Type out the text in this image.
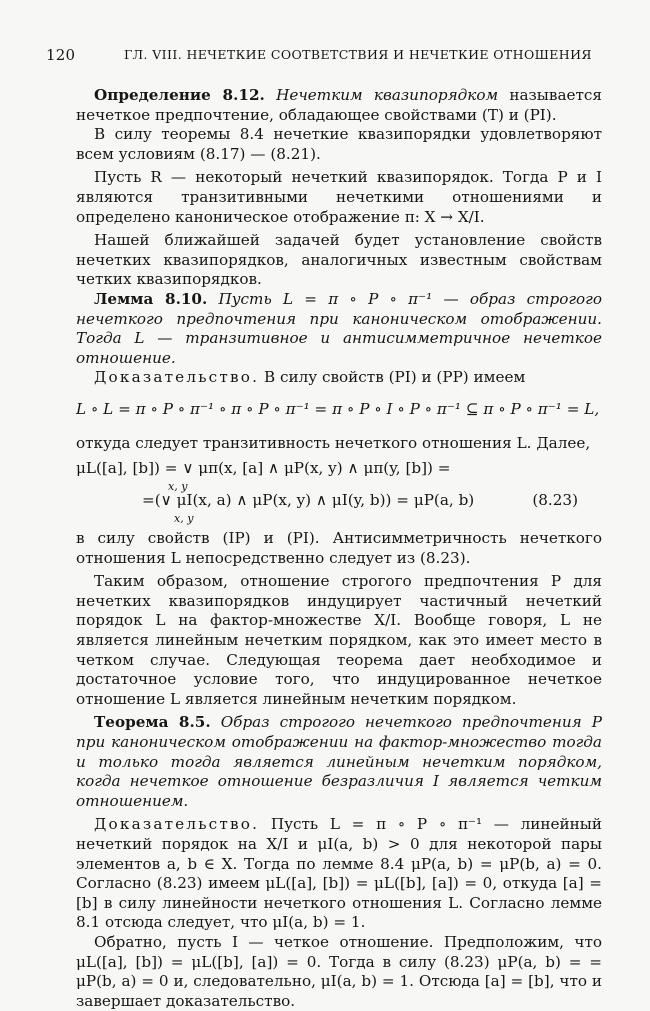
120	ГЛ. VIII. НЕЧЕТКИЕ СООТВЕТСТВИЯ И НЕЧЕТКИЕ ОТНОШЕНИЯ

Определение 8.12. Нечетким квазипорядком называется нечеткое предпочтение, обладающее свойствами (T) и (PI).

В силу теоремы 8.4 нечеткие квазипорядки удовлетворяют всем условиям (8.17) — (8.21).

Пусть R — некоторый нечеткий квазипорядок. Тогда P и I являются транзитивными нечеткими отношениями и определено каноническое отображение π: X → X/I.

Нашей ближайшей задачей будет установление свойств нечетких квазипорядков, аналогичных известным свойствам четких квазипорядков.

Лемма 8.10. Пусть L = π ∘ P ∘ π⁻¹ — образ строгого нечеткого предпочтения при каноническом отображении. Тогда L — транзитивное и антисимметричное нечеткое отношение.

Доказательство. В силу свойств (PI) и (PP) имеем

L ∘ L = π ∘ P ∘ π⁻¹ ∘ π ∘ P ∘ π⁻¹ = π ∘ P ∘ I ∘ P ∘ π⁻¹ ⊆ π ∘ P ∘ π⁻¹ = L,

откуда следует транзитивность нечеткого отношения L. Далее,

μL([a], [b]) = ∨ μπ(x, [a] ∧ μP(x, y) ∧ μπ(y, [b]) =
x, y
=(∨ μI(x, a) ∧ μP(x, y) ∧ μI(y, b)) = μP(a, b)
x, y
(8.23)

в силу свойств (IP) и (PI). Антисимметричность нечеткого отношения L непосредственно следует из (8.23).

Таким образом, отношение строгого предпочтения P для нечетких квазипорядков индуцирует частичный нечеткий порядок L на фактор-множестве X/I. Вообще говоря, L не является линейным нечетким порядком, как это имеет место в четком случае. Следующая теорема дает необходимое и достаточное условие того, что индуцированное нечеткое отношение L является линейным нечетким порядком.

Теорема 8.5. Образ строгого нечеткого предпочтения P при каноническом отображении на фактор-множество тогда и только тогда является линейным нечетким порядком, когда нечеткое отношение безразличия I является четким отношением.

Доказательство. Пусть L = π ∘ P ∘ π⁻¹ — линейный нечеткий порядок на X/I и μI(a, b) > 0 для некоторой пары элементов a, b ∈ X. Тогда по лемме 8.4 μP(a, b) = μP(b, a) = 0. Согласно (8.23) имеем μL([a], [b]) = μL([b], [a]) = 0, откуда [a] = [b] в силу линейности нечеткого отношения L. Согласно лемме 8.1 отсюда следует, что μI(a, b) = 1.

Обратно, пусть I — четкое отношение. Предположим, что μL([a], [b]) = μL([b], [a]) = 0. Тогда в силу (8.23) μP(a, b) = = μP(b, a) = 0 и, следовательно, μI(a, b) = 1. Отсюда [a] = [b], что и завершает доказательство.
